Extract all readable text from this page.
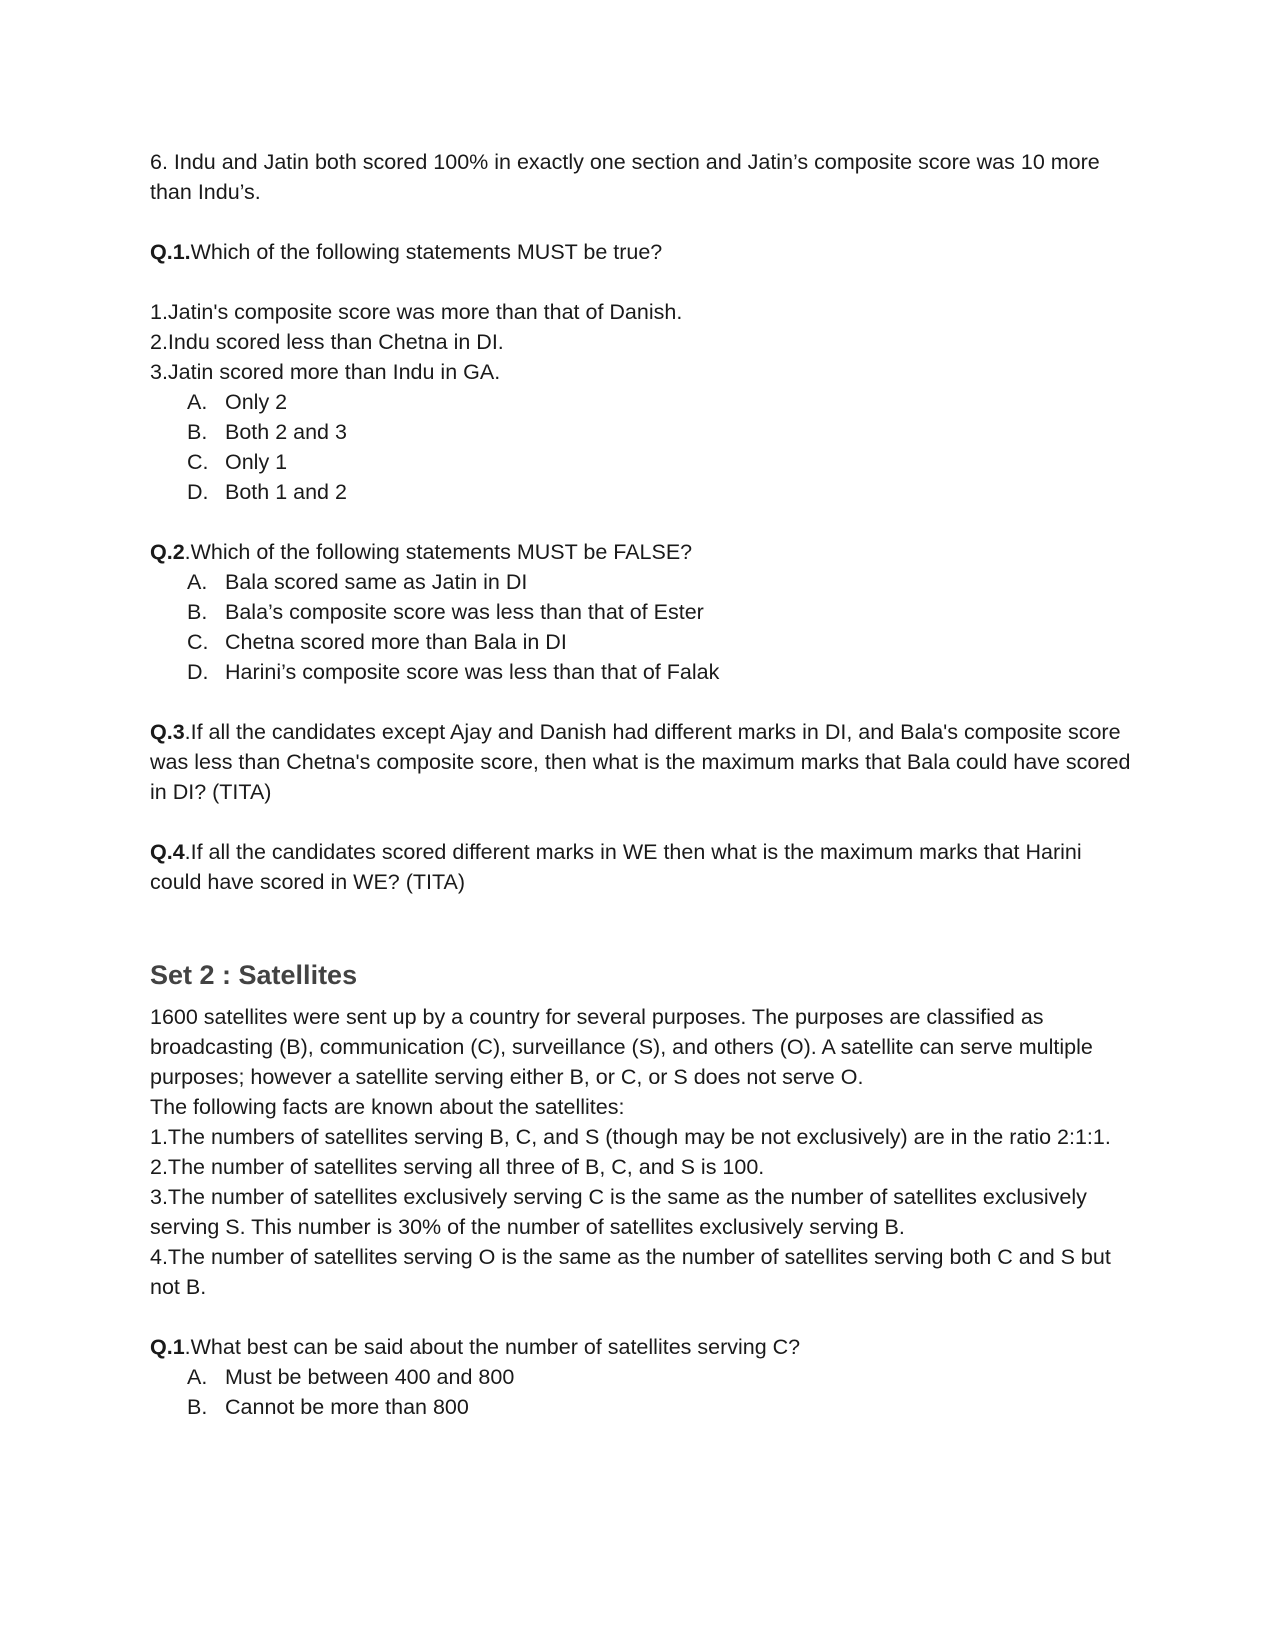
6. Indu and Jatin both scored 100% in exactly one section and Jatin’s composite score was 10 more than Indu’s.

Q.1.Which of the following statements MUST be true?

1.Jatin's composite score was more than that of Danish.

2.Indu scored less than Chetna in DI.

3.Jatin scored more than Indu in GA.

A. Only 2
B. Both 2 and 3
C. Only 1
D. Both 1 and 2

Q.2.Which of the following statements MUST be FALSE?

A. Bala scored same as Jatin in DI
B. Bala’s composite score was less than that of Ester
C. Chetna scored more than Bala in DI
D. Harini’s composite score was less than that of Falak

Q.3.If all the candidates except Ajay and Danish had different marks in DI, and Bala's composite score was less than Chetna's composite score, then what is the maximum marks that Bala could have scored in DI? (TITA)

Q.4.If all the candidates scored different marks in WE then what is the maximum marks that Harini could have scored in WE? (TITA)

Set 2 : Satellites

1600 satellites were sent up by a country for several purposes. The purposes are classified as broadcasting (B), communication (C), surveillance (S), and others (O). A satellite can serve multiple purposes; however a satellite serving either B, or C, or S does not serve O.

The following facts are known about the satellites:

1.The numbers of satellites serving B, C, and S (though may be not exclusively) are in the ratio 2:1:1.

2.The number of satellites serving all three of B, C, and S is 100.

3.The number of satellites exclusively serving C is the same as the number of satellites exclusively serving S. This number is 30% of the number of satellites exclusively serving B.

4.The number of satellites serving O is the same as the number of satellites serving both C and S but not B.

Q.1.What best can be said about the number of satellites serving C?

A. Must be between 400 and 800
B. Cannot be more than 800
